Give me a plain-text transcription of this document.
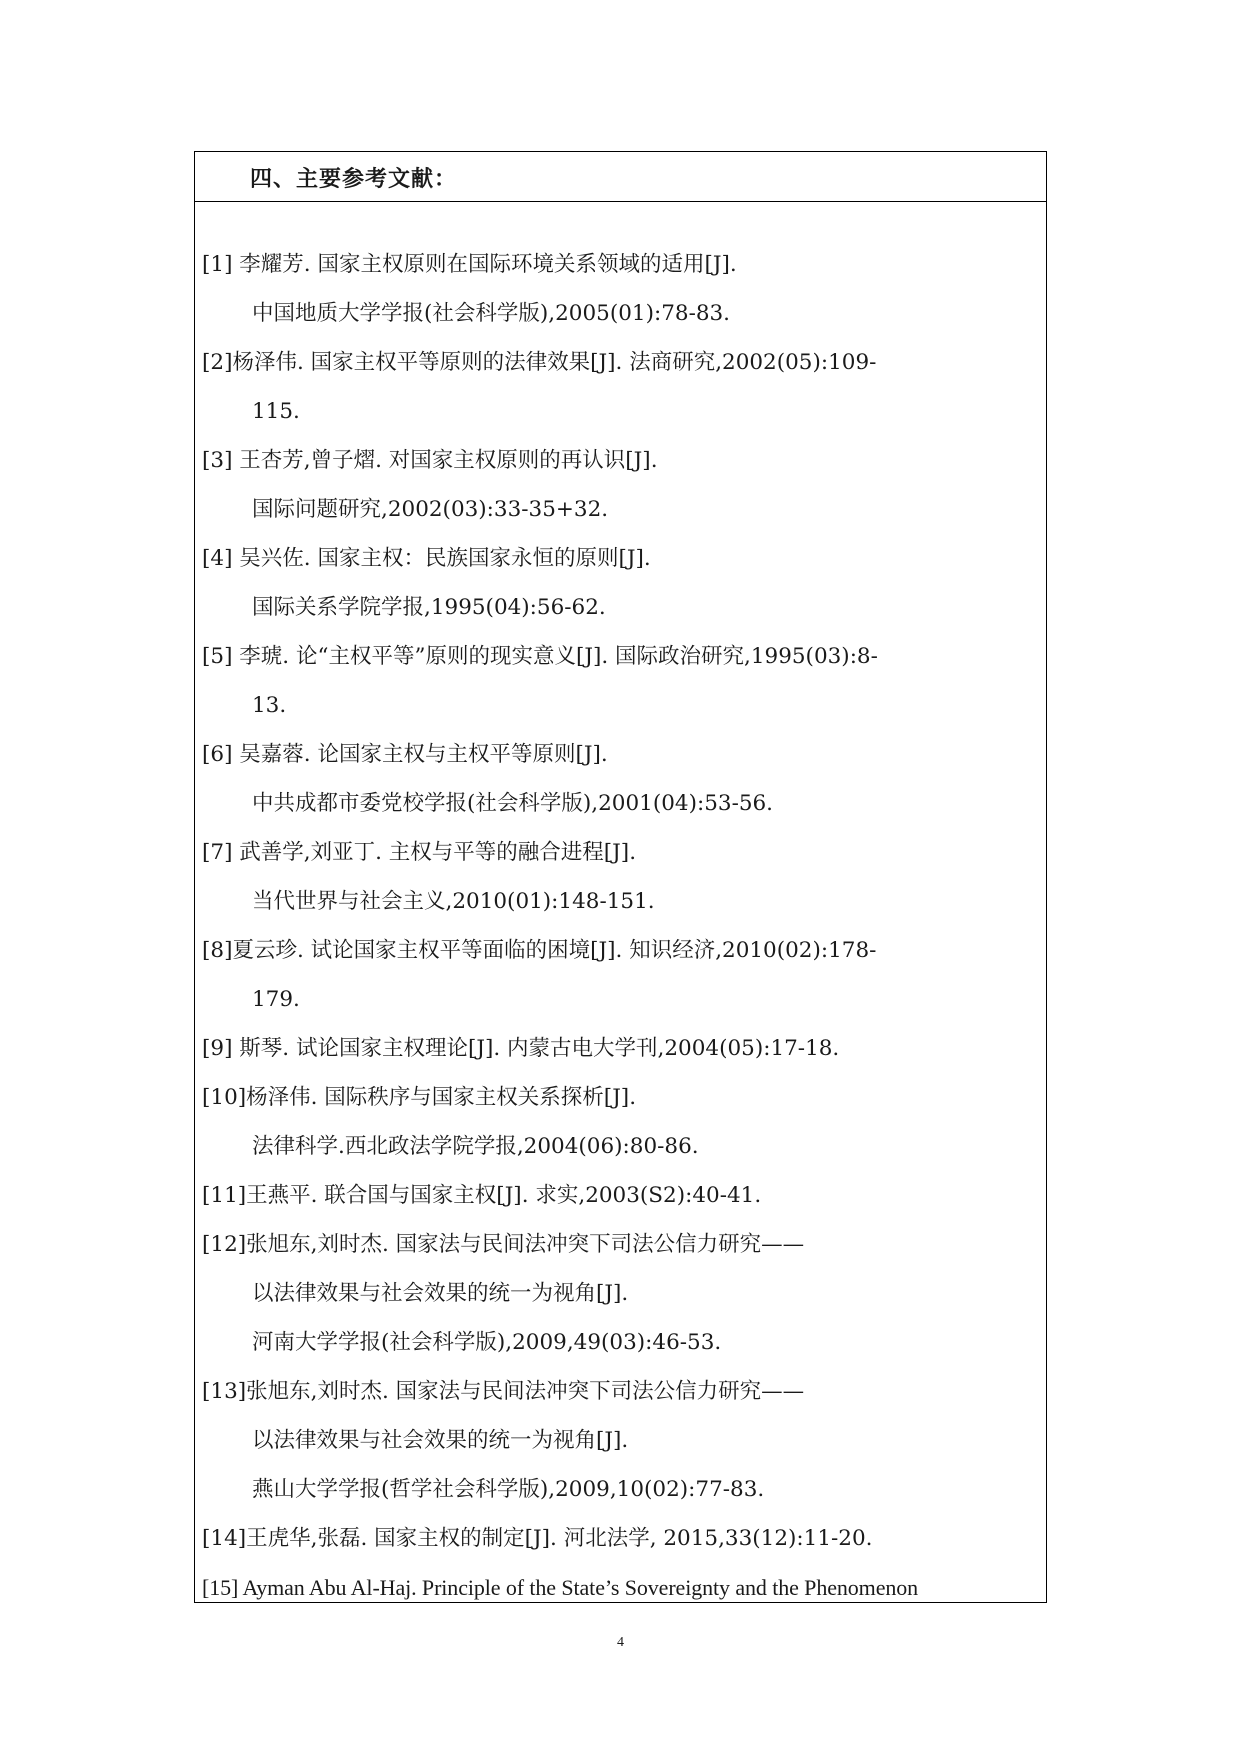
四、主要参考文献：
[1] 李耀芳. 国家主权原则在国际环境关系领域的适用[J].
中国地质大学学报(社会科学版),2005(01):78-83.
[2]杨泽伟. 国家主权平等原则的法律效果[J]. 法商研究,2002(05):109-
115.
[3] 王杏芳,曾子熠. 对国家主权原则的再认识[J].
国际问题研究,2002(03):33-35+32.
[4] 吴兴佐. 国家主权：民族国家永恒的原则[J].
国际关系学院学报,1995(04):56-62.
[5] 李琥. 论“主权平等”原则的现实意义[J]. 国际政治研究,1995(03):8-
13.
[6] 吴嘉蓉. 论国家主权与主权平等原则[J].
中共成都市委党校学报(社会科学版),2001(04):53-56.
[7] 武善学,刘亚丁. 主权与平等的融合进程[J].
当代世界与社会主义,2010(01):148-151.
[8]夏云珍. 试论国家主权平等面临的困境[J]. 知识经济,2010(02):178-
179.
[9] 斯琴. 试论国家主权理论[J]. 内蒙古电大学刊,2004(05):17-18.
[10]杨泽伟. 国际秩序与国家主权关系探析[J].
法律科学.西北政法学院学报,2004(06):80-86.
[11]王燕平. 联合国与国家主权[J]. 求实,2003(S2):40-41.
[12]张旭东,刘时杰. 国家法与民间法冲突下司法公信力研究——
以法律效果与社会效果的统一为视角[J].
河南大学学报(社会科学版),2009,49(03):46-53.
[13]张旭东,刘时杰. 国家法与民间法冲突下司法公信力研究——
以法律效果与社会效果的统一为视角[J].
燕山大学学报(哲学社会科学版),2009,10(02):77-83.
[14]王虎华,张磊. 国家主权的制定[J]. 河北法学, 2015,33(12):11-20.
[15] Ayman Abu Al-Haj. Principle of the State’s Sovereignty and the Phenomenon
4
